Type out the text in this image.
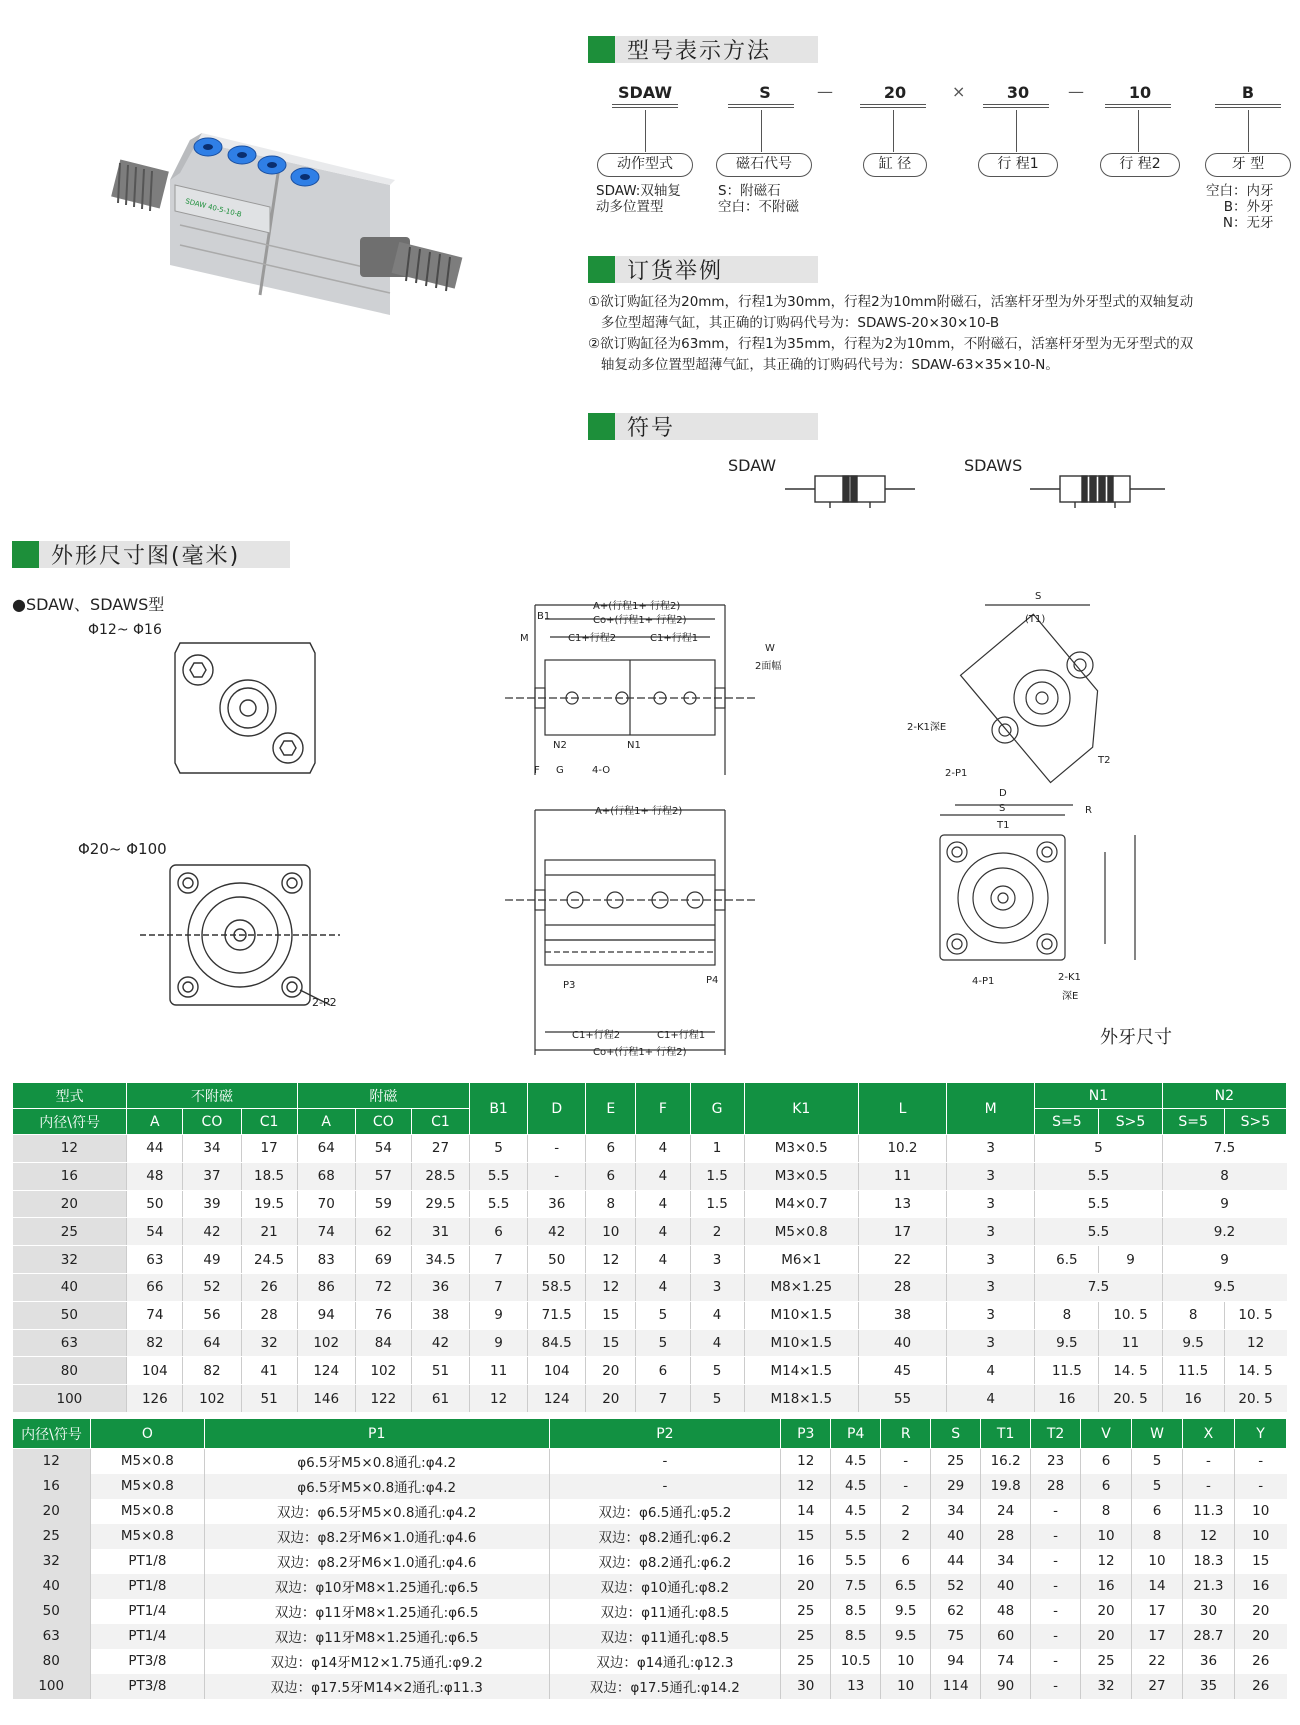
SDAW 40-5-10-B
型号表示方法
SDAW	S	20	30	10	B
—	×	—
动作型式	磁石代号	缸 径	行 程1	行 程2	牙 型
SDAW:双轴复
动多位置型
S：附磁石
空白：不附磁
空白：内牙
B：外牙
N：无牙
订货举例
①欲订购缸径为20mm，行程1为30mm，行程2为10mm附磁石，活塞杆牙型为外牙型式的双轴复动
多位型超薄气缸，其正确的订购码代号为：SDAWS-20×30×10-B
②欲订购缸径为63mm，行程1为35mm，行程为2为10mm，不附磁石，活塞杆牙型为无牙型式的双
轴复动多位置型超薄气缸，其正确的订购码代号为：SDAW-63×35×10-N。
符号
SDAW	SDAWS
外形尺寸图(毫米)
●SDAW、SDAWS型
Φ12~ Φ16
Φ20~ Φ100
外牙尺寸
2-P2
A+(行程1+ 行程2)
Co+(行程1+ 行程2)
C1+行程2	C1+行程1
B1
M
W
2面幅
N1
N2
4-O
F G
A+(行程1+ 行程2)
P3	P4
C1+行程2	C1+行程1
Co+(行程1+ 行程2)
S
(T1)
2-K1深E
2-P1
T2
D
S	R
T1
4-P1	2-K1
深E
型式	不附磁			附磁			B1	D	E	F	G	K1	L	M	N1		N2	
内径\符号	A	CO	C1	A	CO	C1									S=5	S>5	S=5	S>5
12	44	34	17	64	54	27	5	-	6	4	1	M3×0.5	10.2	3	5		7.5	
16	48	37	18.5	68	57	28.5	5.5	-	6	4	1.5	M3×0.5	11	3	5.5		8	
20	50	39	19.5	70	59	29.5	5.5	36	8	4	1.5	M4×0.7	13	3	5.5		9	
25	54	42	21	74	62	31	6	42	10	4	2	M5×0.8	17	3	5.5		9.2	
32	63	49	24.5	83	69	34.5	7	50	12	4	3	M6×1	22	3	6.5	9	9	
40	66	52	26	86	72	36	7	58.5	12	4	3	M8×1.25	28	3	7.5		9.5	
50	74	56	28	94	76	38	9	71.5	15	5	4	M10×1.5	38	3	8	10. 5	8	10. 5
63	82	64	32	102	84	42	9	84.5	15	5	4	M10×1.5	40	3	9.5	11	9.5	12
80	104	82	41	124	102	51	11	104	20	6	5	M14×1.5	45	4	11.5	14. 5	11.5	14. 5
100	126	102	51	146	122	61	12	124	20	7	5	M18×1.5	55	4	16	20. 5	16	20. 5
内径\符号	O	P1	P2	P3	P4	R	S	T1	T2	V	W	X	Y
12	M5×0.8	φ6.5牙M5×0.8通孔:φ4.2	-	12	4.5	-	25	16.2	23	6	5	-	-
16	M5×0.8	φ6.5牙M5×0.8通孔:φ4.2	-	12	4.5	-	29	19.8	28	6	5	-	-
20	M5×0.8	双边：φ6.5牙M5×0.8通孔:φ4.2	双边：φ6.5通孔:φ5.2	14	4.5	2	34	24	-	8	6	11.3	10
25	M5×0.8	双边：φ8.2牙M6×1.0通孔:φ4.6	双边：φ8.2通孔:φ6.2	15	5.5	2	40	28	-	10	8	12	10
32	PT1/8	双边：φ8.2牙M6×1.0通孔:φ4.6	双边：φ8.2通孔:φ6.2	16	5.5	6	44	34	-	12	10	18.3	15
40	PT1/8	双边：φ10牙M8×1.25通孔:φ6.5	双边：φ10通孔:φ8.2	20	7.5	6.5	52	40	-	16	14	21.3	16
50	PT1/4	双边：φ11牙M8×1.25通孔:φ6.5	双边：φ11通孔:φ8.5	25	8.5	9.5	62	48	-	20	17	30	20
63	PT1/4	双边：φ11牙M8×1.25通孔:φ6.5	双边：φ11通孔:φ8.5	25	8.5	9.5	75	60	-	20	17	28.7	20
80	PT3/8	双边：φ14牙M12×1.75通孔:φ9.2	双边：φ14通孔:φ12.3	25	10.5	10	94	74	-	25	22	36	26
100	PT3/8	双边：φ17.5牙M14×2通孔:φ11.3	双边：φ17.5通孔:φ14.2	30	13	10	114	90	-	32	27	35	26
